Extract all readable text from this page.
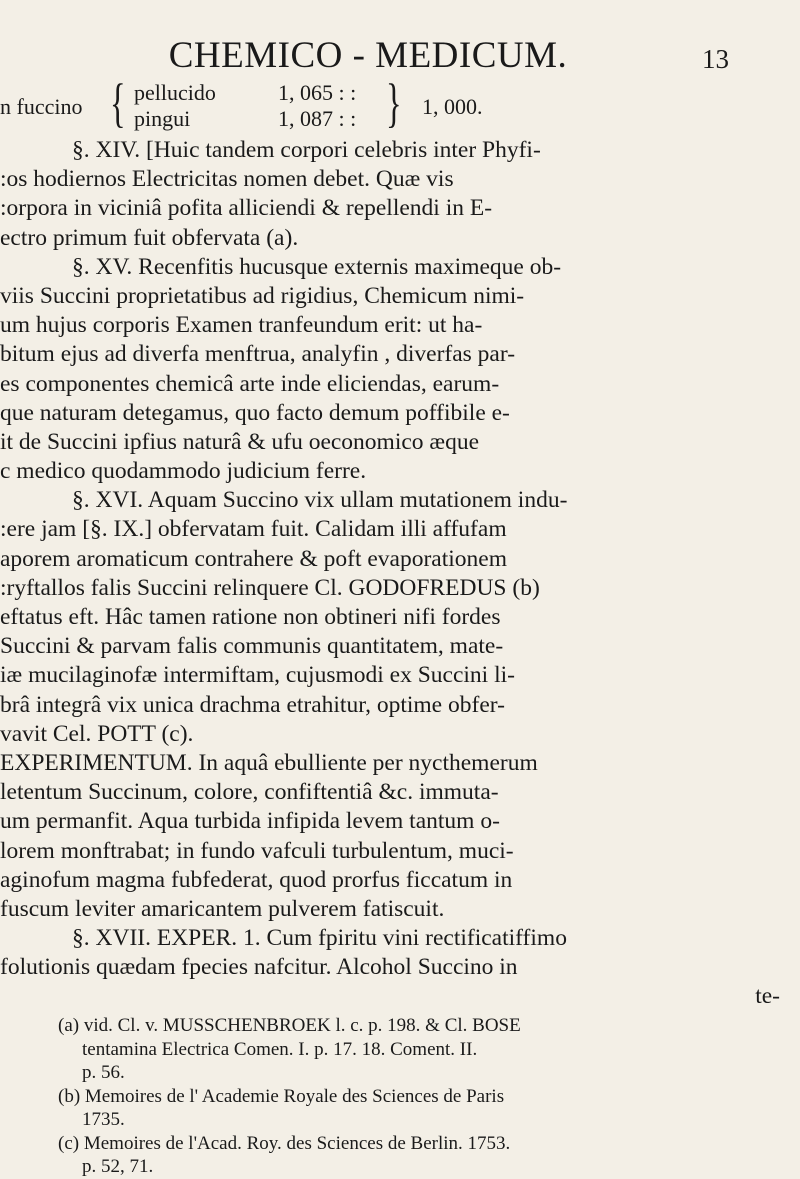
CHEMICO - MEDICUM.	13
n fuccino { pellucido	1, 065 : :
pingui	1, 087 : : } 1, 000.
§. XIV. [Huic tandem corpori celebris inter Phyfi-
:os hodiernos Electricitas nomen debet. Quæ vis
:orpora in viciniâ pofita alliciendi & repellendi in E-
ectro primum fuit obfervata (a).
§. XV. Recenfitis hucusque externis maximeque ob-
viis Succini proprietatibus ad rigidius, Chemicum nimi-
um hujus corporis Examen tranfeundum erit: ut ha-
bitum ejus ad diverfa menftrua, analyfin , diverfas par-
es componentes chemicâ arte inde eliciendas, earum-
que naturam detegamus, quo facto demum poffibile e-
it de Succini ipfius naturâ & ufu oeconomico æque
c medico quodammodo judicium ferre.
§. XVI. Aquam Succino vix ullam mutationem indu-
:ere jam [§. IX.] obfervatam fuit. Calidam illi affufam
aporem aromaticum contrahere & poft evaporationem
:ryftallos falis Succini relinquere Cl. GODOFREDUS (b)
eftatus eft. Hâc tamen ratione non obtineri nifi fordes
Succini & parvam falis communis quantitatem, mate-
iæ mucilaginofæ intermiftam, cujusmodi ex Succini li-
brâ integrâ vix unica drachma etrahitur, optime obfer-
vavit Cel. POTT (c).
EXPERIMENTUM. In aquâ ebulliente per nycthemerum
letentum Succinum, colore, confiftentiâ &c. immuta-
um permanfit. Aqua turbida infipida levem tantum o-
lorem monftrabat; in fundo vafculi turbulentum, muci-
aginofum magma fubfederat, quod prorfus ficcatum in
fuscum leviter amaricantem pulverem fatiscuit.
§. XVII. EXPER. 1. Cum fpiritu vini rectificatiffimo
folutionis quædam fpecies nafcitur. Alcohol Succino in
te-
(a) vid. Cl. v. MUSSCHENBROEK l. c. p. 198. & Cl. BOSE
tentamina Electrica Comen. I. p. 17. 18. Coment. II.
p. 56.
(b) Memoires de l' Academie Royale des Sciences de Paris
1735.
(c) Memoires de l'Acad. Roy. des Sciences de Berlin. 1753.
p. 52, 71.
